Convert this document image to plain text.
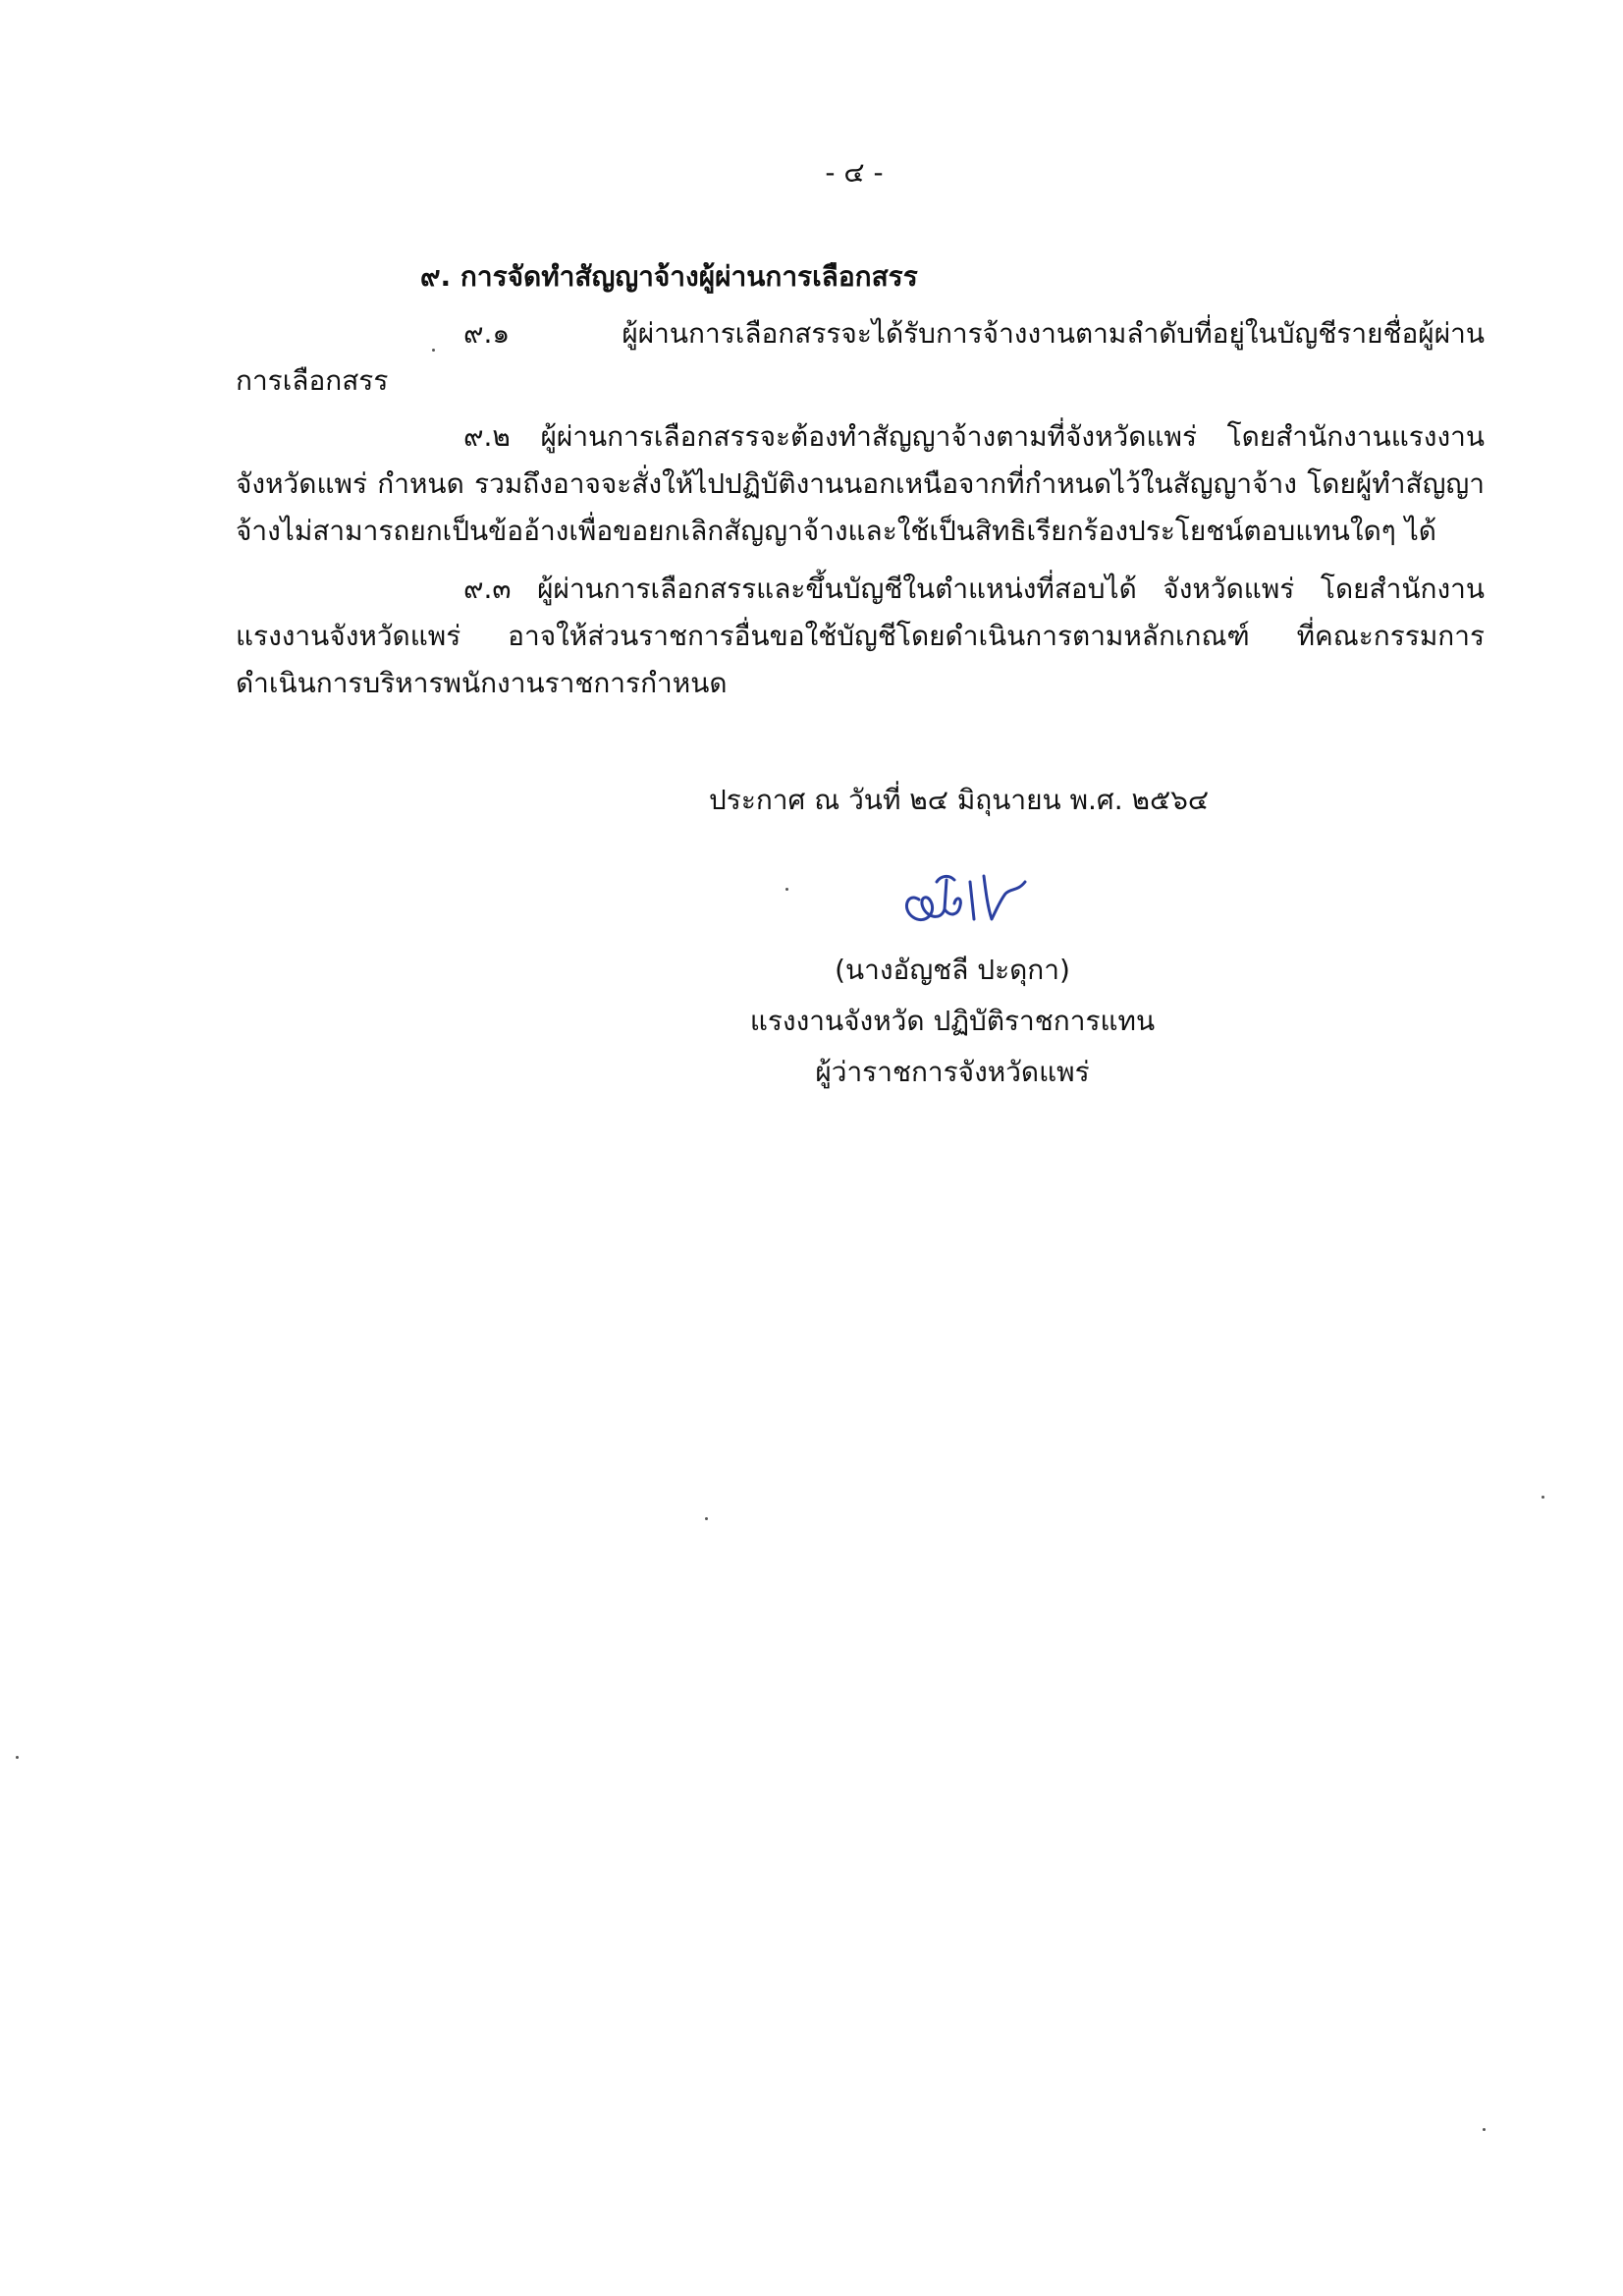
- ๔ -
๙. การจัดทำสัญญาจ้างผู้ผ่านการเลือกสรร
๙.๑ ผู้ผ่านการเลือกสรรจะได้รับการจ้างงานตามลำดับที่อยู่ในบัญชีรายชื่อผู้ผ่าน
การเลือกสรร
๙.๒ ผู้ผ่านการเลือกสรรจะต้องทำสัญญาจ้างตามที่จังหวัดแพร่ โดยสำนักงานแรงงาน
จังหวัดแพร่ กำหนด รวมถึงอาจจะสั่งให้ไปปฏิบัติงานนอกเหนือจากที่กำหนดไว้ในสัญญาจ้าง โดยผู้ทำสัญญา
จ้างไม่สามารถยกเป็นข้ออ้างเพื่อขอยกเลิกสัญญาจ้างและใช้เป็นสิทธิเรียกร้องประโยชน์ตอบแทนใดๆ ได้
๙.๓ ผู้ผ่านการเลือกสรรและขึ้นบัญชีในตำแหน่งที่สอบได้ จังหวัดแพร่ โดยสำนักงาน
แรงงานจังหวัดแพร่ อาจให้ส่วนราชการอื่นขอใช้บัญชีโดยดำเนินการตามหลักเกณฑ์ ที่คณะกรรมการ
ดำเนินการบริหารพนักงานราชการกำหนด
ประกาศ ณ วันที่ ๒๔ มิถุนายน พ.ศ. ๒๕๖๔
(นางอัญชลี ปะดุกา)
แรงงานจังหวัด ปฏิบัติราชการแทน
ผู้ว่าราชการจังหวัดแพร่
